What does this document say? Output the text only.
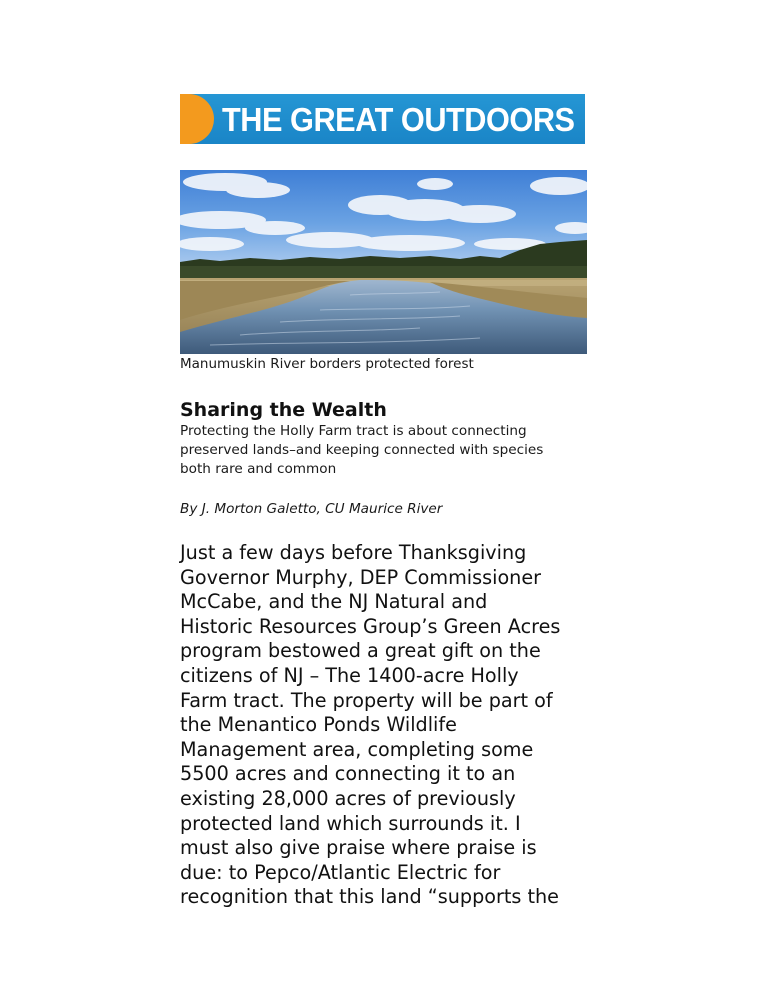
THE GREAT OUTDOORS
Manumuskin River borders protected forest
Sharing the Wealth
Protecting the Holly Farm tract is about connecting
preserved lands–and keeping connected with species
both rare and common
By J. Morton Galetto, CU Maurice River
Just a few days before Thanksgiving
Governor Murphy, DEP Commissioner
McCabe, and the NJ Natural and
Historic Resources Group’s Green Acres
program bestowed a great gift on the
citizens of NJ – The 1400-acre Holly
Farm tract. The property will be part of
the Menantico Ponds Wildlife
Management area, completing some
5500 acres and connecting it to an
existing 28,000 acres of previously
protected land which surrounds it. I
must also give praise where praise is
due: to Pepco/Atlantic Electric for
recognition that this land “supports the
